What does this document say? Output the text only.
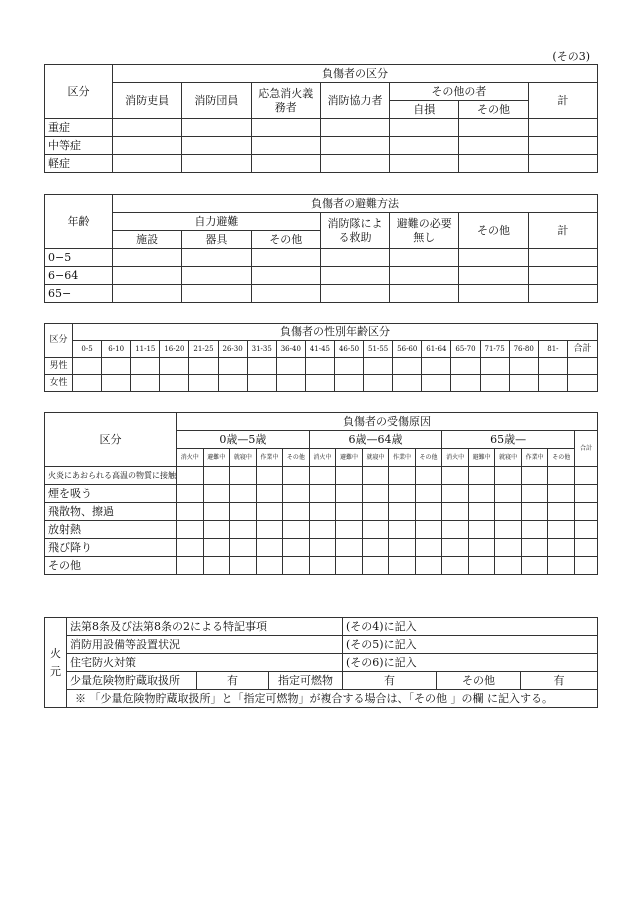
(その3)
区分	負傷者の区分						
	消防吏員	消防団員	応急消火義務者	消防協力者	その他の者		計
					自損	その他	
重症							
中等症							
軽症							
年齢	負傷者の避難方法						
	自力避難			消防隊による救助	避難の必要無し	その他	計
	施設	器具	その他				
0−5							
6−64							
65−							
区分	負傷者の性別年齢区分																	
	0-5	6-10	11-15	16-20	21-25	26-30	31-35	36-40	41-45	46-50	51-55	56-60	61-64	65-70	71-75	76-80	81-	合計
男性																		
女性																		
区分	負傷者の受傷原因															
	0歳—5歳					6歳—64歳					65歳—					合計
	消火中	避難中	就寝中	作業中	その他	消火中	避難中	就寝中	作業中	その他	消火中	避難中	就寝中	作業中	その他	
火炎にあおられる高温の物質に接触																
煙を吸う																
飛散物、擦過																
放射熱																
飛び降り																
その他																
火元	法第8条及び法第8条の2による特記事項			(その4)に記入		
	消防用設備等設置状況			(その5)に記入		
	住宅防火対策			(その6)に記入		
	少量危険物貯蔵取扱所	有	指定可燃物	有	その他	有
	※ 「少量危険物貯蔵取扱所」と「指定可燃物」が複合する場合は、「その他 」の欄 に記入する。					
